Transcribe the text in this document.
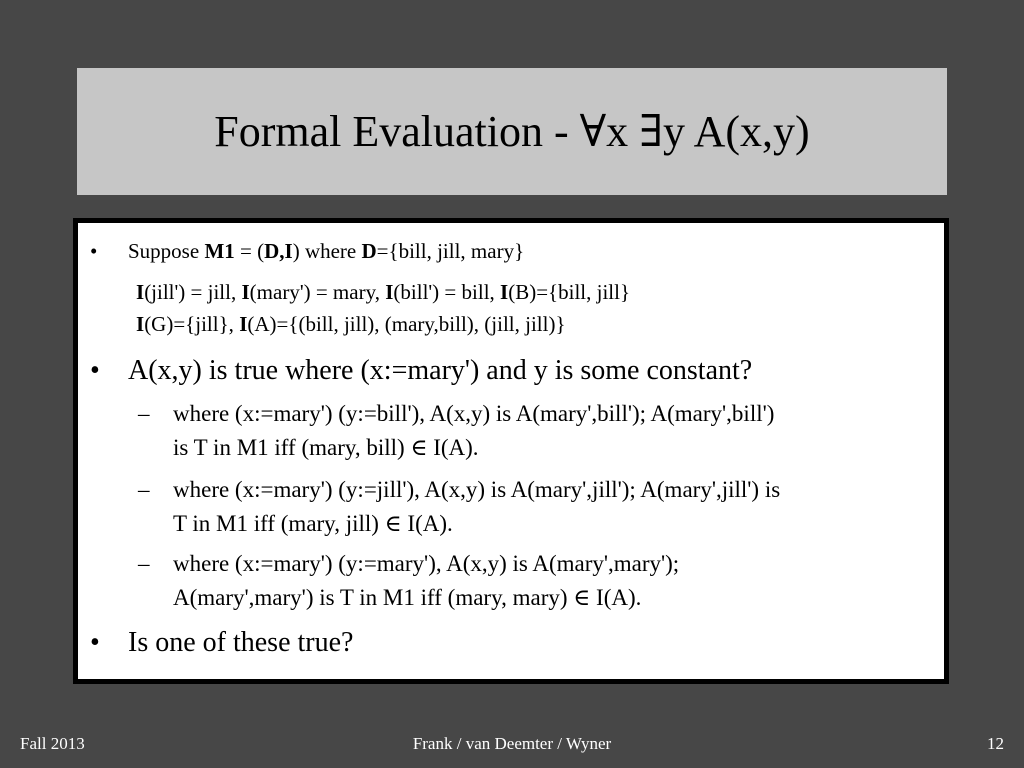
Formal Evaluation - ∀x ∃y A(x,y)
• Suppose M1 = (D,I) where D={bill, jill, mary}
I(jill') = jill, I(mary') = mary, I(bill') = bill, I(B)={bill, jill}
I(G)={jill}, I(A)={(bill, jill), (mary,bill), (jill, jill)}
• A(x,y) is true where (x:=mary') and y is some constant?
– where (x:=mary') (y:=bill'), A(x,y) is A(mary',bill'); A(mary',bill')
is T in M1 iff (mary, bill) ∈ I(A).
– where (x:=mary') (y:=jill'), A(x,y) is A(mary',jill'); A(mary',jill') is
T in M1 iff (mary, jill) ∈ I(A).
– where (x:=mary') (y:=mary'), A(x,y) is A(mary',mary');
A(mary',mary') is T in M1 iff (mary, mary) ∈ I(A).
• Is one of these true?
Fall 2013	Frank / van Deemter / Wyner	12
